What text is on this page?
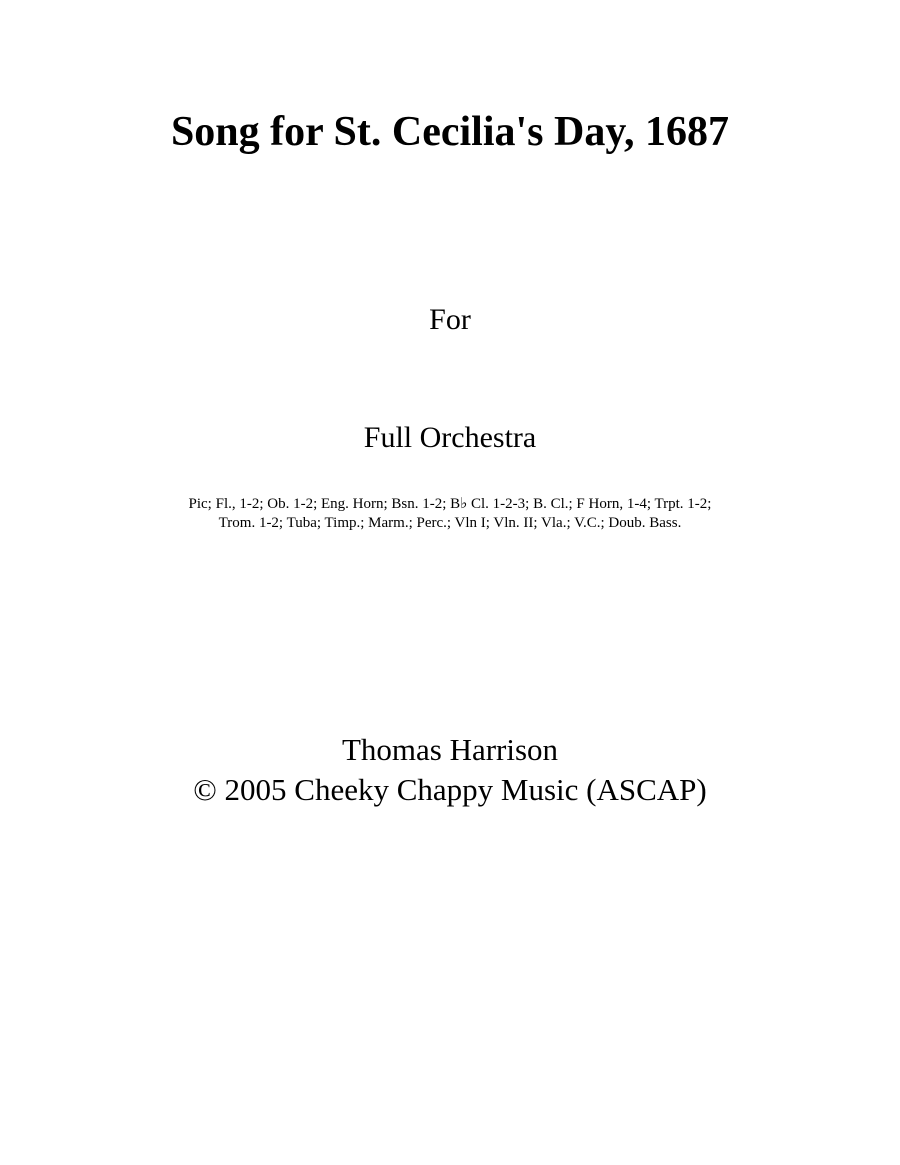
Song for St. Cecilia's Day, 1687

For

Full Orchestra

Pic; Fl., 1-2; Ob. 1-2; Eng. Horn; Bsn. 1-2; B♭ Cl. 1-2-3; B. Cl.; F Horn, 1-4; Trpt. 1-2;
Trom. 1-2; Tuba; Timp.; Marm.; Perc.; Vln I; Vln. II; Vla.; V.C.; Doub. Bass.

Thomas Harrison

© 2005 Cheeky Chappy Music (ASCAP)
